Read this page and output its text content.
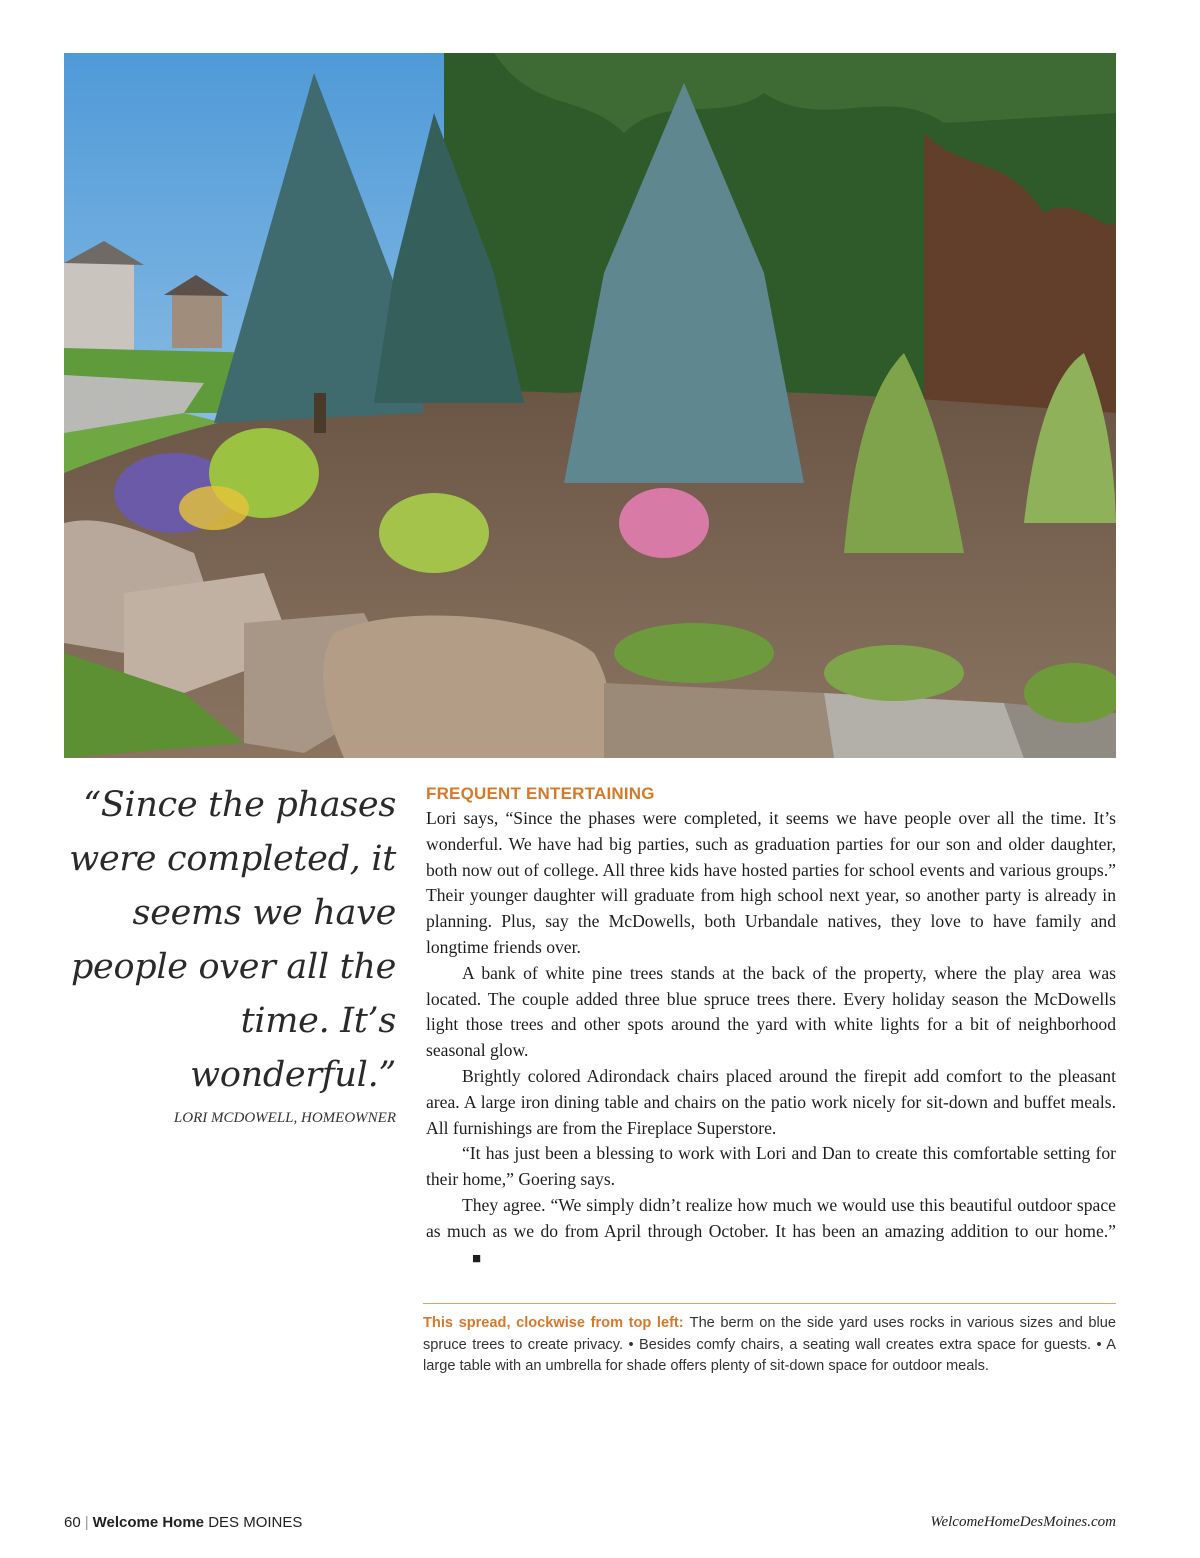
“Since the phases were completed, it seems we have people over all the time. It’s wonderful.”
LORI MCDOWELL, HOMEOWNER
FREQUENT ENTERTAINING

Lori says, “Since the phases were completed, it seems we have people over all the time. It’s wonderful. We have had big parties, such as graduation parties for our son and older daughter, both now out of college. All three kids have hosted parties for school events and various groups.” Their younger daughter will graduate from high school next year, so another party is already in planning. Plus, say the McDowells, both Urbandale natives, they love to have family and longtime friends over.

A bank of white pine trees stands at the back of the property, where the play area was located. The couple added three blue spruce trees there. Every holiday season the McDowells light those trees and other spots around the yard with white lights for a bit of neighborhood seasonal glow.

Brightly colored Adirondack chairs placed around the firepit add comfort to the pleasant area. A large iron dining table and chairs on the patio work nicely for sit-down and buffet meals. All furnishings are from the Fireplace Superstore.

“It has just been a blessing to work with Lori and Dan to create this comfortable setting for their home,” Goering says.

They agree. “We simply didn’t realize how much we would use this beautiful outdoor space as much as we do from April through October. It has been an amazing addition to our home.”■

This spread, clockwise from top left: The berm on the side yard uses rocks in various sizes and blue spruce trees to create privacy. • Besides comfy chairs, a seating wall creates extra space for guests. • A large table with an umbrella for shade offers plenty of sit-down space for outdoor meals.
60 | Welcome Home DES MOINES	WelcomeHomeDesMoines.com
